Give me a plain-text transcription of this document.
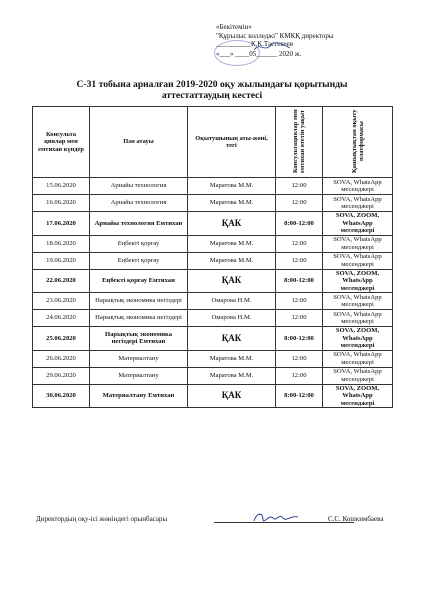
«Бекітемін»
"Құрылыс колледжі" КМКҚ директоры
__________К.К.Тастекеев
«___» ____05______ 2020 ж.
С-31 тобына арналған 2019-2020 оқу жылындағы қорытынды
аттестаттаудың кестесі
Консульта циялар мен емтихан күндер	Пән атауы	Оқытушының аты-жөні, тегі	Консультациялар мен емтихан өтетін уақыт	Қашықтықтан оқыту платформасы
15.06.2020	Арнайы технология	Маратова М.М.	12:00	SOVA, WhatsApp месенджері
16.06.2020	Арнайы технология	Маратова М.М.	12:00	SOVA, WhatsApp месенджері
17.06.2020	Арнайы технология Емтихан	ҚАК	8:00-12:00	SOVA, ZOOM, WhatsApp месенджері
18.06.2020	Еңбекті қорғау	Маратова М.М.	12:00	SOVA, WhatsApp месенджері
19.06.2020	Еңбекті қорғау	Маратова М.М.	12:00	SOVA, WhatsApp месенджері
22.06.2020	Еңбекті қорғау Емтихан	ҚАК	8:00-12:00	SOVA, ZOOM, WhatsApp месенджері
23.06.2020	Нарықтық экономика негіздері	Омарова Н.М.	12:00	SOVA, WhatsApp месенджері
24.06.2020	Нарықтық экономика негіздері	Омарова Н.М.	12:00	SOVA, WhatsApp месенджері
25.06.2020	Нарықтық экономика негіздері Емтихан	ҚАК	8:00-12:00	SOVA, ZOOM, WhatsApp месенджері
26.06.2020	Материалтану	Маратова М.М.	12:00	SOVA, WhatsApp месенджері
29.06.2020	Материалтану	Маратова М.М.	12:00	SOVA, WhatsApp месенджері
30.06.2020	Материалтану Емтихан	ҚАК	8:00-12:00	SOVA, ZOOM, WhatsApp месенджері
Директордың оқу-ісі жөніндегі орынбасары	С.С. Кошкимбаева
